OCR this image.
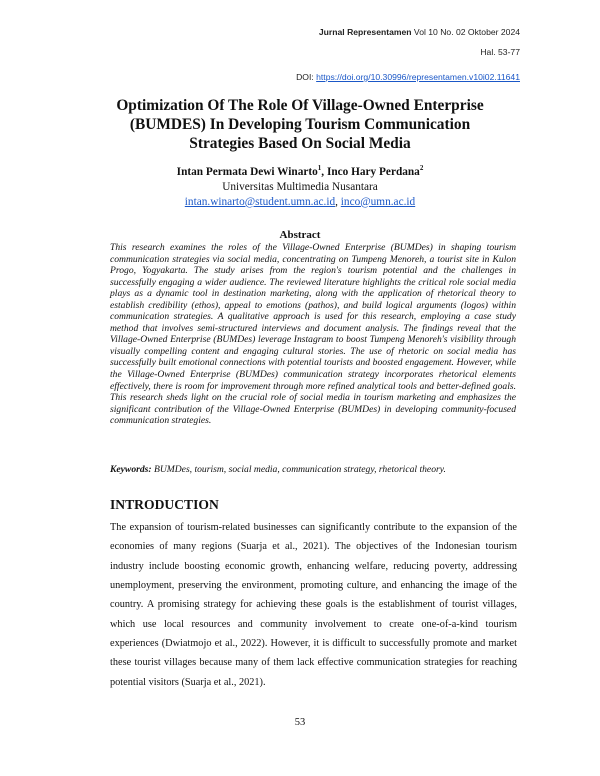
Jurnal Representamen Vol 10 No. 02 Oktober 2024
Hal. 53-77
DOI: https://doi.org/10.30996/representamen.v10i02.11641
Optimization Of The Role Of Village-Owned Enterprise (BUMDES) In Developing Tourism Communication Strategies Based On Social Media
Intan Permata Dewi Winarto$^1$, Inco Hary Perdana$^2$
Universitas Multimedia Nusantara
intan.winarto@student.umn.ac.id, inco@umn.ac.id
Abstract

This research examines the roles of the Village-Owned Enterprise (BUMDes) in shaping tourism communication strategies via social media, concentrating on Tumpeng Menoreh, a tourist site in Kulon Progo, Yogyakarta. The study arises from the region's tourism potential and the challenges in successfully engaging a wider audience. The reviewed literature highlights the critical role social media plays as a dynamic tool in destination marketing, along with the application of rhetorical theory to establish credibility (ethos), appeal to emotions (pathos), and build logical arguments (logos) within communication strategies. A qualitative approach is used for this research, employing a case study method that involves semi-structured interviews and document analysis. The findings reveal that the Village-Owned Enterprise (BUMDes) leverage Instagram to boost Tumpeng Menoreh's visibility through visually compelling content and engaging cultural stories. The use of rhetoric on social media has successfully built emotional connections with potential tourists and boosted engagement. However, while the Village-Owned Enterprise (BUMDes) communication strategy incorporates rhetorical elements effectively, there is room for improvement through more refined analytical tools and better-defined goals. This research sheds light on the crucial role of social media in tourism marketing and emphasizes the significant contribution of the Village-Owned Enterprise (BUMDes) in developing community-focused communication strategies.

Keywords: BUMDes, tourism, social media, communication strategy, rhetorical theory.

INTRODUCTION

The expansion of tourism-related businesses can significantly contribute to the expansion of the economies of many regions (Suarja et al., 2021). The objectives of the Indonesian tourism industry include boosting economic growth, enhancing welfare, reducing poverty, addressing unemployment, preserving the environment, promoting culture, and enhancing the image of the country. A promising strategy for achieving these goals is the establishment of tourist villages, which use local resources and community involvement to create one-of-a-kind tourism experiences (Dwiatmojo et al., 2022). However, it is difficult to successfully promote and market these tourist villages because many of them lack effective communication strategies for reaching potential visitors (Suarja et al., 2021).

53
